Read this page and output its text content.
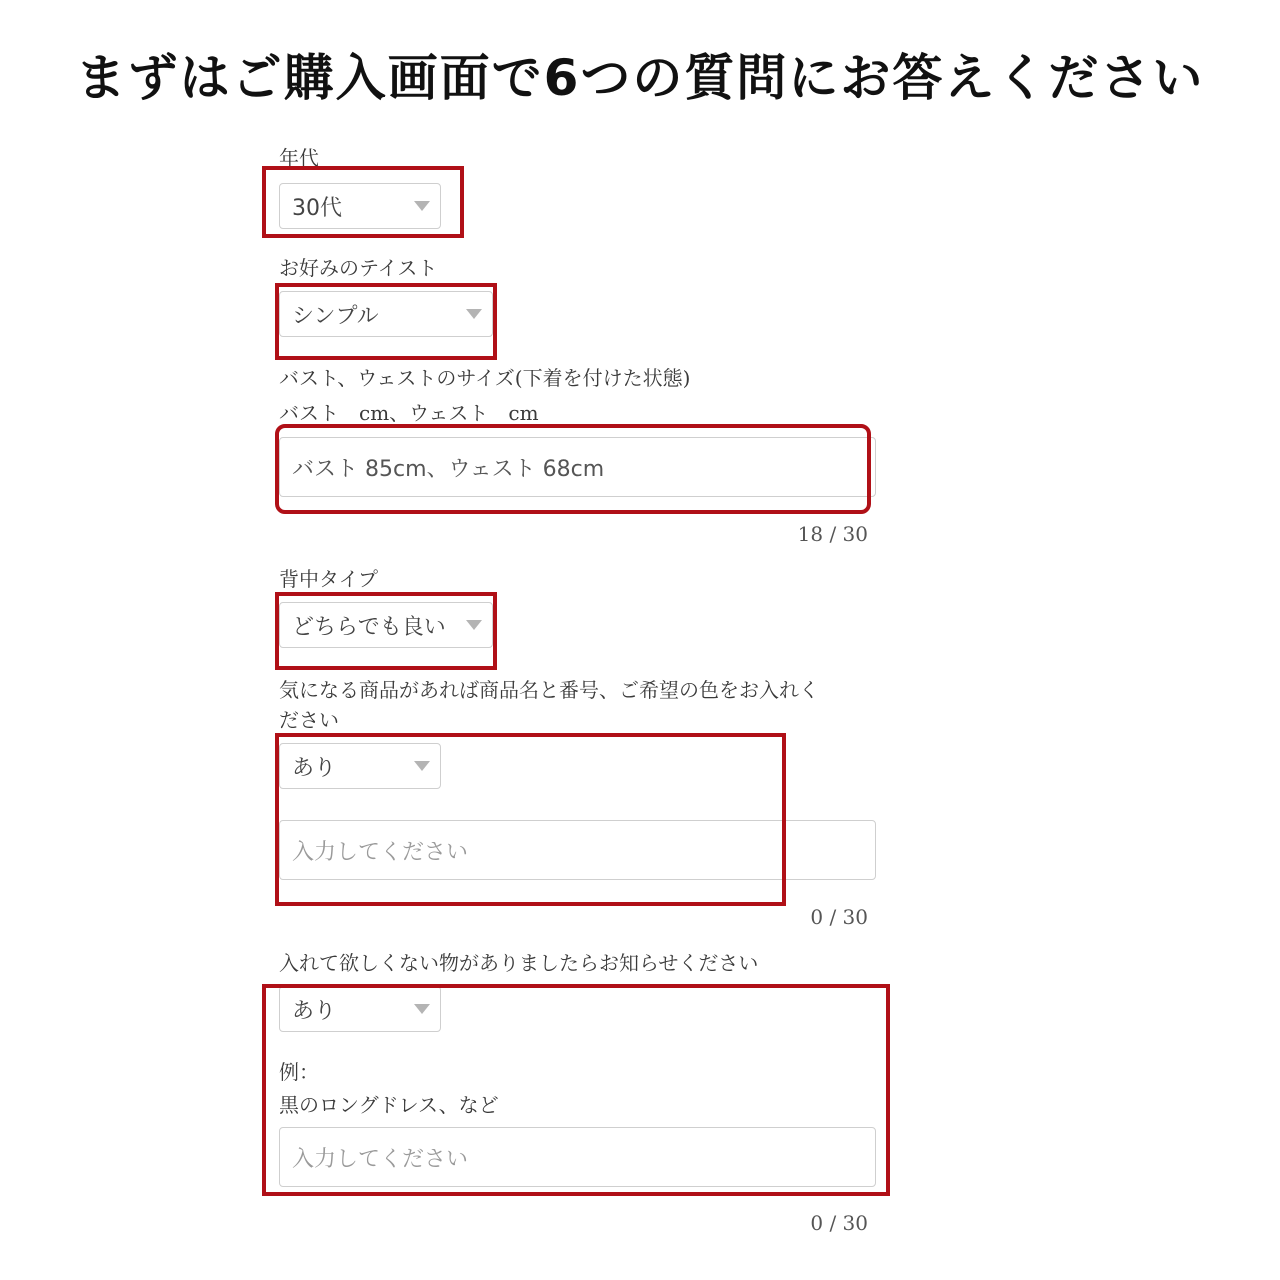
まずはご購入画面で6つの質問にお答えください
年代
30代
お好みのテイスト
シンプル
バスト、ウェストのサイズ(下着を付けた状態)
バスト　cm、ウェスト　cm
バスト 85cm、ウェスト 68cm
18 / 30
背中タイプ
どちらでも良い
気になる商品があれば商品名と番号、ご希望の色をお入れく
ださい
あり
入力してください
0 / 30
入れて欲しくない物がありましたらお知らせください
あり
例：
黒のロングドレス、など
入力してください
0 / 30
